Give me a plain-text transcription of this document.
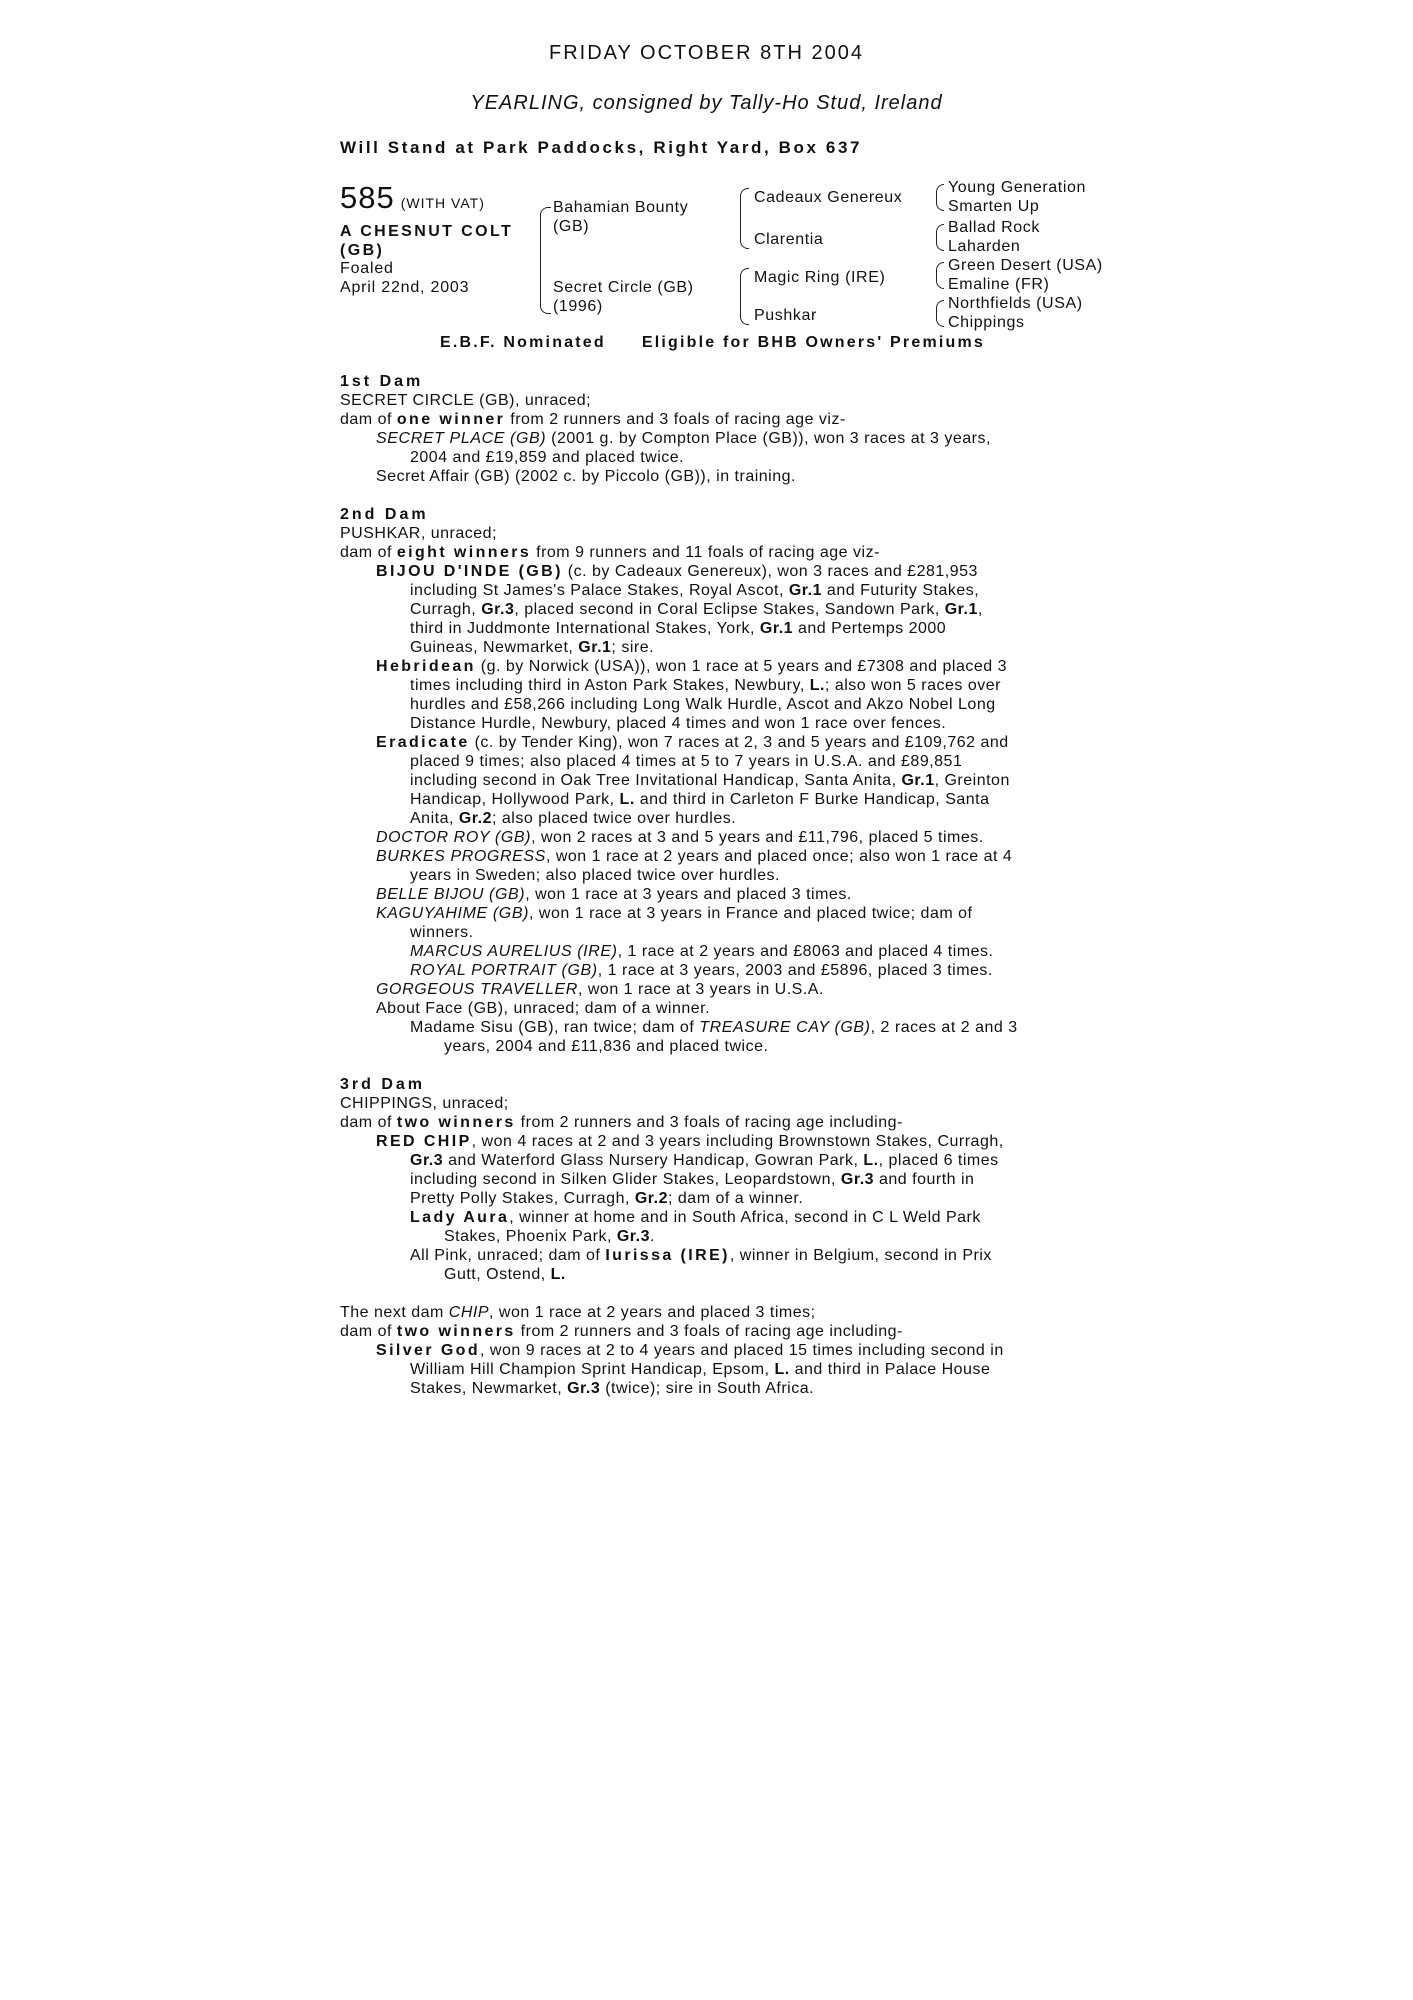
FRIDAY OCTOBER 8TH 2004
YEARLING, consigned by Tally-Ho Stud, Ireland
Will Stand at Park Paddocks, Right Yard, Box 637
585 (WITH VAT)
A CHESNUT COLT (GB)
Foaled
April 22nd, 2003
Bahamian Bounty (GB)
Secret Circle (GB) (1996)
Cadeaux Genereux
Clarentia
Magic Ring (IRE)
Pushkar
Young Generation
Smarten Up
Ballad Rock
Laharden
Green Desert (USA)
Emaline (FR)
Northfields (USA)
Chippings
E.B.F. Nominated Eligible for BHB Owners' Premiums
1st Dam
SECRET CIRCLE (GB), unraced;
dam of one winner from 2 runners and 3 foals of racing age viz-
SECRET PLACE (GB) (2001 g. by Compton Place (GB)), won 3 races at 3 years,
2004 and £19,859 and placed twice.
Secret Affair (GB) (2002 c. by Piccolo (GB)), in training.
2nd Dam
PUSHKAR, unraced;
dam of eight winners from 9 runners and 11 foals of racing age viz-
BIJOU D'INDE (GB) (c. by Cadeaux Genereux), won 3 races and £281,953
including St James's Palace Stakes, Royal Ascot, Gr.1 and Futurity Stakes,
Curragh, Gr.3, placed second in Coral Eclipse Stakes, Sandown Park, Gr.1,
third in Juddmonte International Stakes, York, Gr.1 and Pertemps 2000
Guineas, Newmarket, Gr.1; sire.
Hebridean (g. by Norwick (USA)), won 1 race at 5 years and £7308 and placed 3
times including third in Aston Park Stakes, Newbury, L.; also won 5 races over
hurdles and £58,266 including Long Walk Hurdle, Ascot and Akzo Nobel Long
Distance Hurdle, Newbury, placed 4 times and won 1 race over fences.
Eradicate (c. by Tender King), won 7 races at 2, 3 and 5 years and £109,762 and
placed 9 times; also placed 4 times at 5 to 7 years in U.S.A. and £89,851
including second in Oak Tree Invitational Handicap, Santa Anita, Gr.1, Greinton
Handicap, Hollywood Park, L. and third in Carleton F Burke Handicap, Santa
Anita, Gr.2; also placed twice over hurdles.
DOCTOR ROY (GB), won 2 races at 3 and 5 years and £11,796, placed 5 times.
BURKES PROGRESS, won 1 race at 2 years and placed once; also won 1 race at 4
years in Sweden; also placed twice over hurdles.
BELLE BIJOU (GB), won 1 race at 3 years and placed 3 times.
KAGUYAHIME (GB), won 1 race at 3 years in France and placed twice; dam of
winners.
MARCUS AURELIUS (IRE), 1 race at 2 years and £8063 and placed 4 times.
ROYAL PORTRAIT (GB), 1 race at 3 years, 2003 and £5896, placed 3 times.
GORGEOUS TRAVELLER, won 1 race at 3 years in U.S.A.
About Face (GB), unraced; dam of a winner.
Madame Sisu (GB), ran twice; dam of TREASURE CAY (GB), 2 races at 2 and 3
years, 2004 and £11,836 and placed twice.
3rd Dam
CHIPPINGS, unraced;
dam of two winners from 2 runners and 3 foals of racing age including-
RED CHIP, won 4 races at 2 and 3 years including Brownstown Stakes, Curragh,
Gr.3 and Waterford Glass Nursery Handicap, Gowran Park, L., placed 6 times
including second in Silken Glider Stakes, Leopardstown, Gr.3 and fourth in
Pretty Polly Stakes, Curragh, Gr.2; dam of a winner.
Lady Aura, winner at home and in South Africa, second in C L Weld Park
Stakes, Phoenix Park, Gr.3.
All Pink, unraced; dam of Iurissa (IRE), winner in Belgium, second in Prix
Gutt, Ostend, L.
The next dam CHIP, won 1 race at 2 years and placed 3 times;
dam of two winners from 2 runners and 3 foals of racing age including-
Silver God, won 9 races at 2 to 4 years and placed 15 times including second in
William Hill Champion Sprint Handicap, Epsom, L. and third in Palace House
Stakes, Newmarket, Gr.3 (twice); sire in South Africa.
